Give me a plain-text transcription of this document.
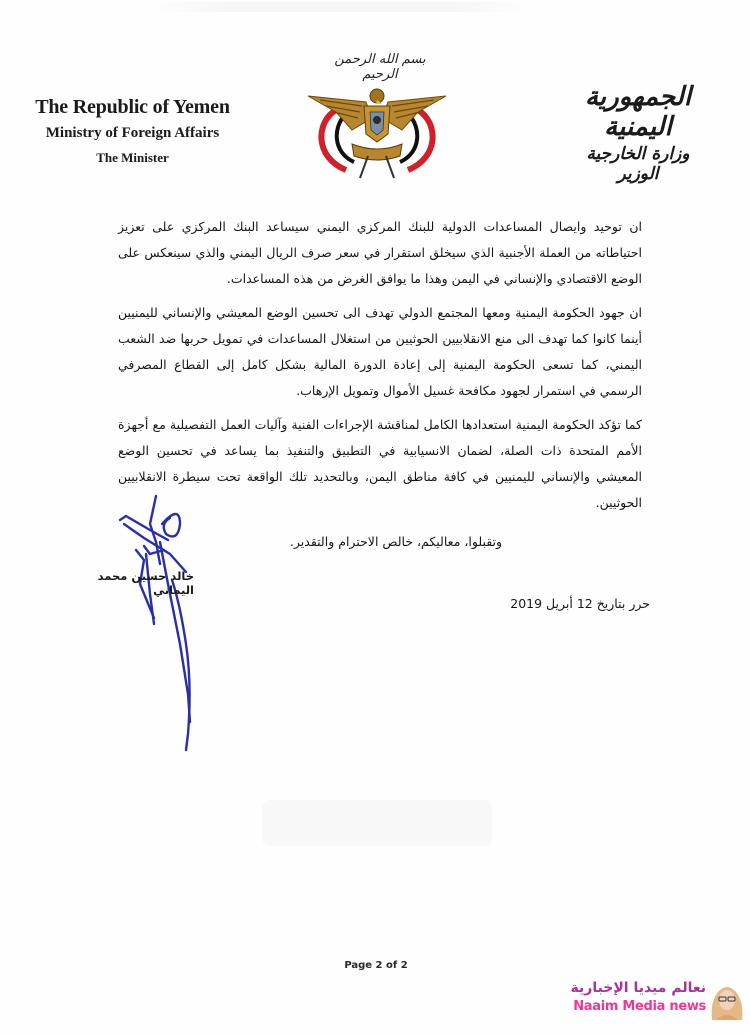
The Republic of Yemen
Ministry of Foreign Affairs
The Minister
بسم الله الرحمن الرحيم
الجمهورية اليمنية
وزارة الخارجية
الوزير

ان توحيد وايصال المساعدات الدولية للبنك المركزي اليمني سيساعد البنك المركزي على تعزيز احتياطاته من العملة الأجنبية الذي سيخلق استقرار في سعر صرف الريال اليمني والذي سينعكس على الوضع الاقتصادي والإنساني في اليمن وهذا ما يوافق الغرض من هذه المساعدات.

ان جهود الحكومة اليمنية ومعها المجتمع الدولي تهدف الى تحسين الوضع المعيشي والإنساني لليمنيين أينما كانوا كما تهدف الى منع الانقلابيين الحوثيين من استغلال المساعدات في تمويل حربها ضد الشعب اليمني، كما تسعى الحكومة اليمنية إلى إعادة الدورة المالية بشكل كامل إلى القطاع المصرفي الرسمي في استمرار لجهود مكافحة غسيل الأموال وتمويل الإرهاب.

كما تؤكد الحكومة اليمنية استعدادها الكامل لمناقشة الإجراءات الفنية وآليات العمل التفصيلية مع أجهزة الأمم المتحدة ذات الصلة، لضمان الانسيابية في التطبيق والتنفيذ بما يساعد في تحسين الوضع المعيشي والإنساني لليمنيين في كافة مناطق اليمن، وبالتحديد تلك الواقعة تحت سيطرة الانقلابيين الحوثيين.

وتقبلوا، معاليكم، خالص الاحترام والتقدير.
خالد حسين محمد اليماني
حرر بتاريخ 12 أبريل 2019
Page 2 of 2
نعالم ميديا الإخبارية
Naaim Media news
